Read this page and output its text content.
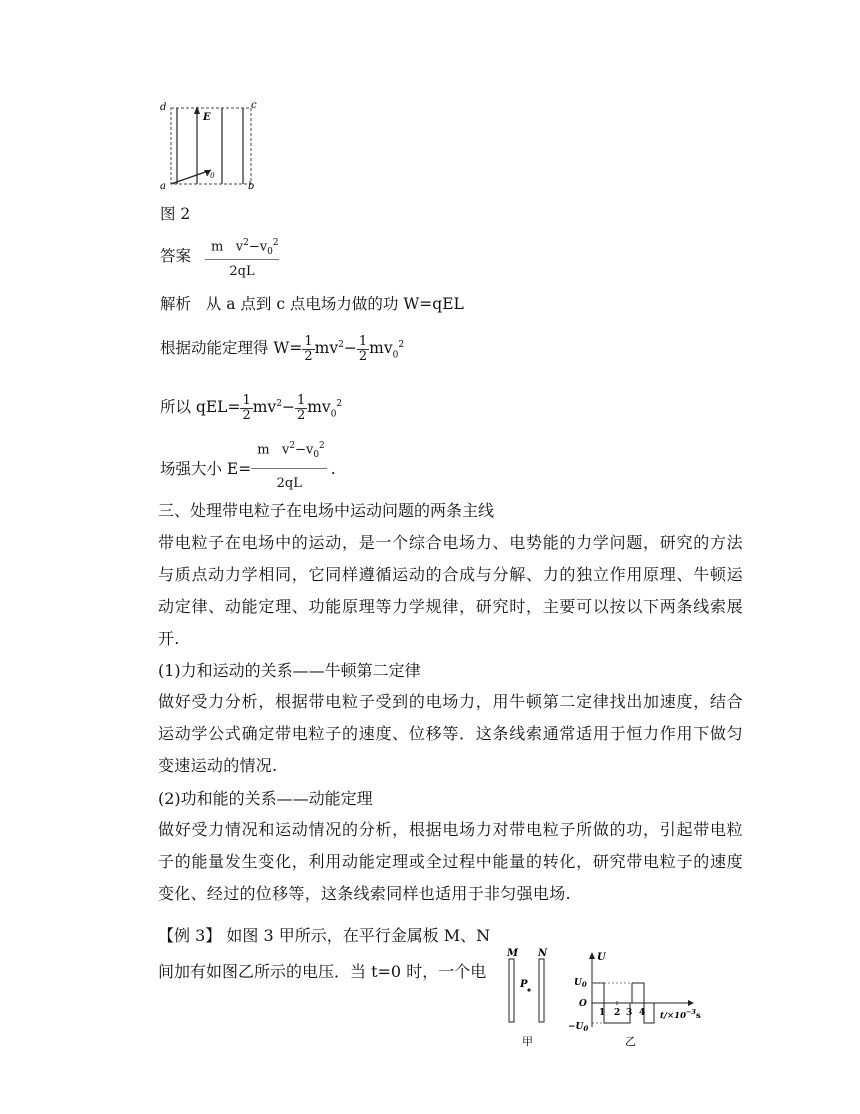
d	c
a	b
E
$v_0$
图 2
答案 $\frac{m v^2-v_0^2}{2qL}$
解析 从 a 点到 c 点电场力做的功 W=qEL
根据动能定理得 $W= \frac{1}{2} mv^2- \frac{1}{2} mv_0^2$
所以 $qEL= \frac{1}{2} mv^2- \frac{1}{2} mv_0^2$
场强大小 $E= \frac{m v^2-v_0^2}{2qL}$ .
三、处理带电粒子在电场中运动问题的两条主线
带电粒子在电场中的运动，是一个综合电场力、电势能的力学问题，研究的方法与质点动力学相同，它同样遵循运动的合成与分解、力的独立作用原理、牛顿运动定律、动能定理、功能原理等力学规律，研究时，主要可以按以下两条线索展开.
(1)力和运动的关系——牛顿第二定律
做好受力分析，根据带电粒子受到的电场力，用牛顿第二定律找出加速度，结合运动学公式确定带电粒子的速度、位移等．这条线索通常适用于恒力作用下做匀变速运动的情况.
(2)功和能的关系——动能定理
做好受力情况和运动情况的分析，根据电场力对带电粒子所做的功，引起带电粒子的能量发生变化，利用动能定理或全过程中能量的转化，研究带电粒子的速度变化、经过的位移等，这条线索同样也适用于非匀强电场.
【例 3】 如图 3 甲所示，在平行金属板 M、N
间加有如图乙所示的电压．当 t=0 时，一个电
M N
P
甲
U
$U_0$
O
$-U_0$
1 2 3 4 $t/\times 10^{-3}s$
乙
